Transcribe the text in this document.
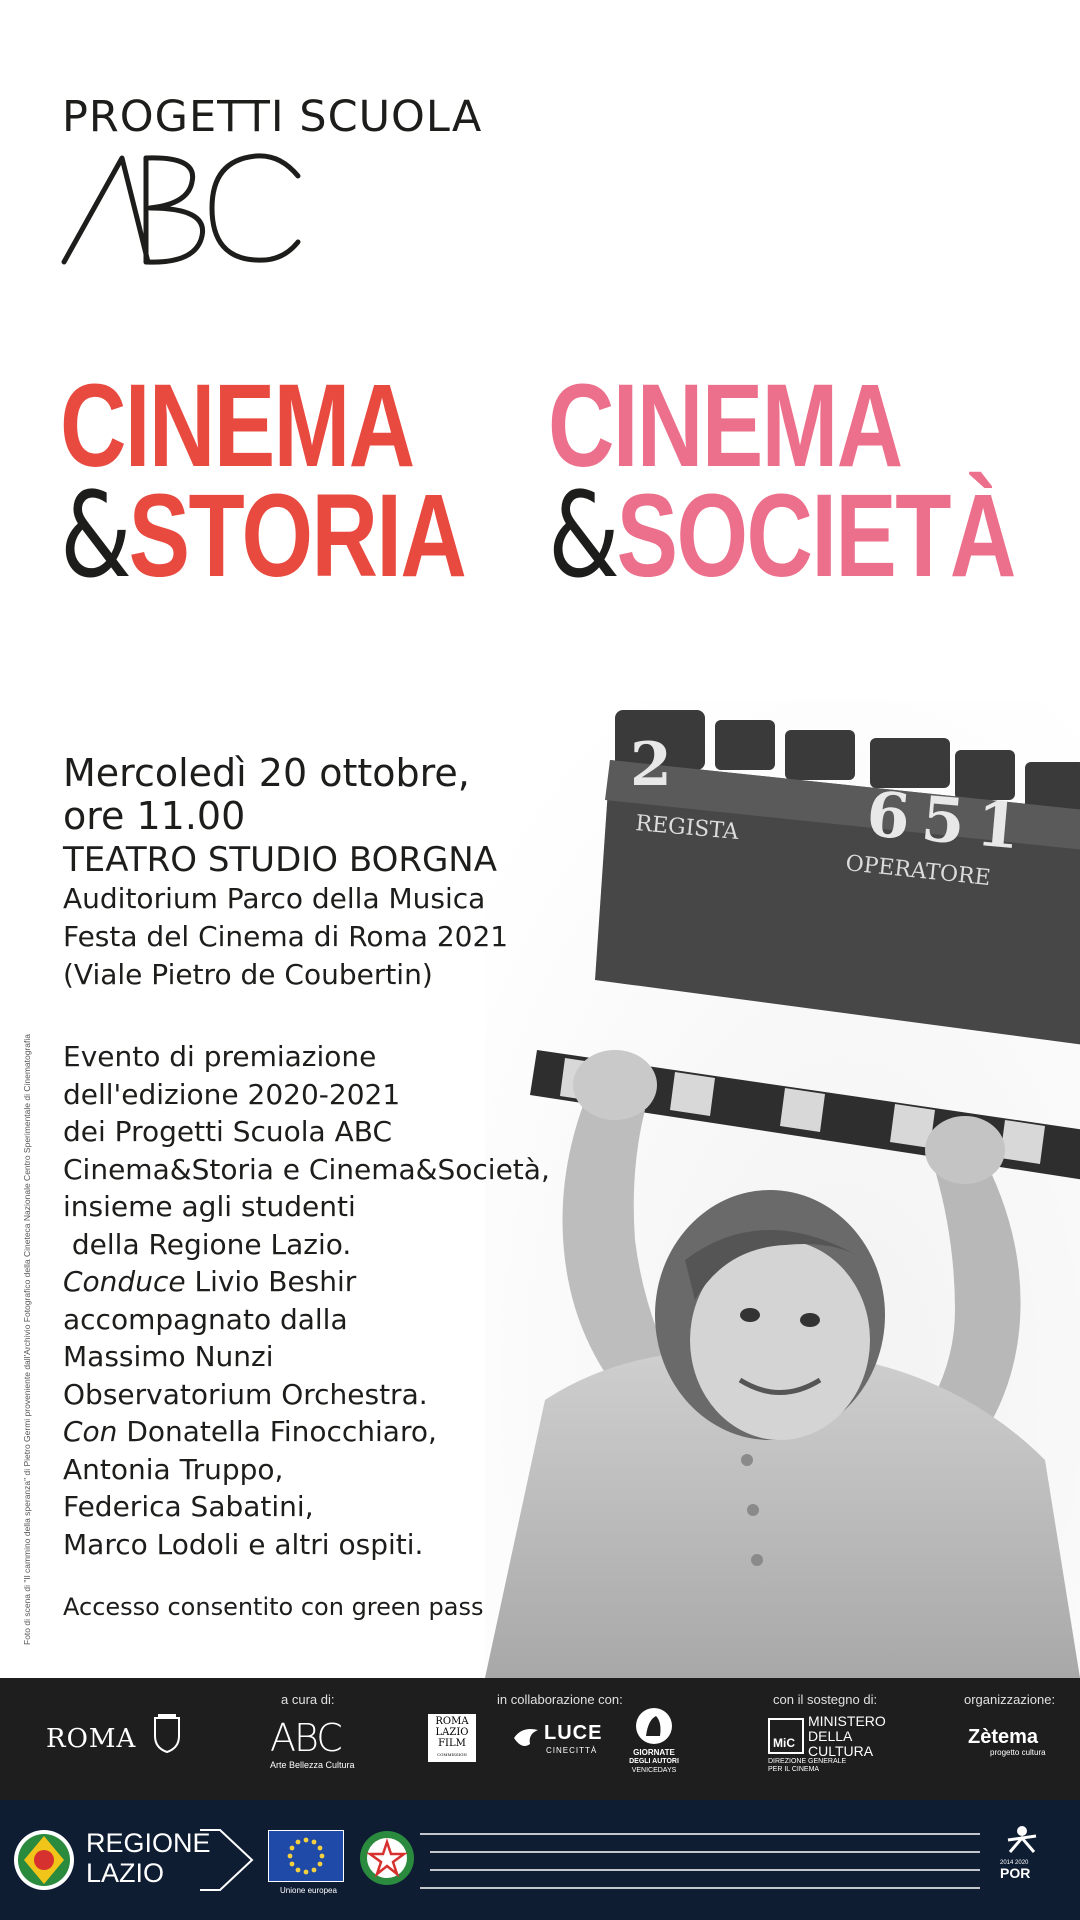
PROGETTI SCUOLA
ABC
CINEMA
&STORIA
CINEMA
&SOCIETÀ
2
651
REGISTA
OPERATORE
Mercoledì 20 ottobre,
ore 11.00
TEATRO STUDIO BORGNA
Auditorium Parco della Musica
Festa del Cinema di Roma 2021
(Viale Pietro de Coubertin)
Evento di premiazione
dell'edizione 2020-2021
dei Progetti Scuola ABC
Cinema&Storia e Cinema&Società,
insieme agli studenti
della Regione Lazio.
Conduce Livio Beshir
accompagnato dalla
Massimo Nunzi
Observatorium Orchestra.
Con Donatella Finocchiaro,
Antonia Truppo,
Federica Sabatini,
Marco Lodoli e altri ospiti.
Accesso consentito con green pass
Foto di scena di "Il cammino della speranza" di Pietro Germi proveniente dall'Archivio Fotografico della Cineteca Nazionale Centro Sperimentale di Cinematografia
ROMA
a cura di:
ABC
Arte Bellezza Cultura
in collaborazione con:
ROMA
LAZIO
FILM
COMMISSION
LUCE
CINECITTÀ	GIORNATE
DEGLI AUTORI
VENICEDAYS
con il sostegno di:
MiC
MINISTERO
DELLA
CULTURA
DIREZIONE GENERALE
PER IL CINEMA
organizzazione:
Zètema
progetto cultura
REGIONE
LAZIO
Unione europea
2014 2020
POR
